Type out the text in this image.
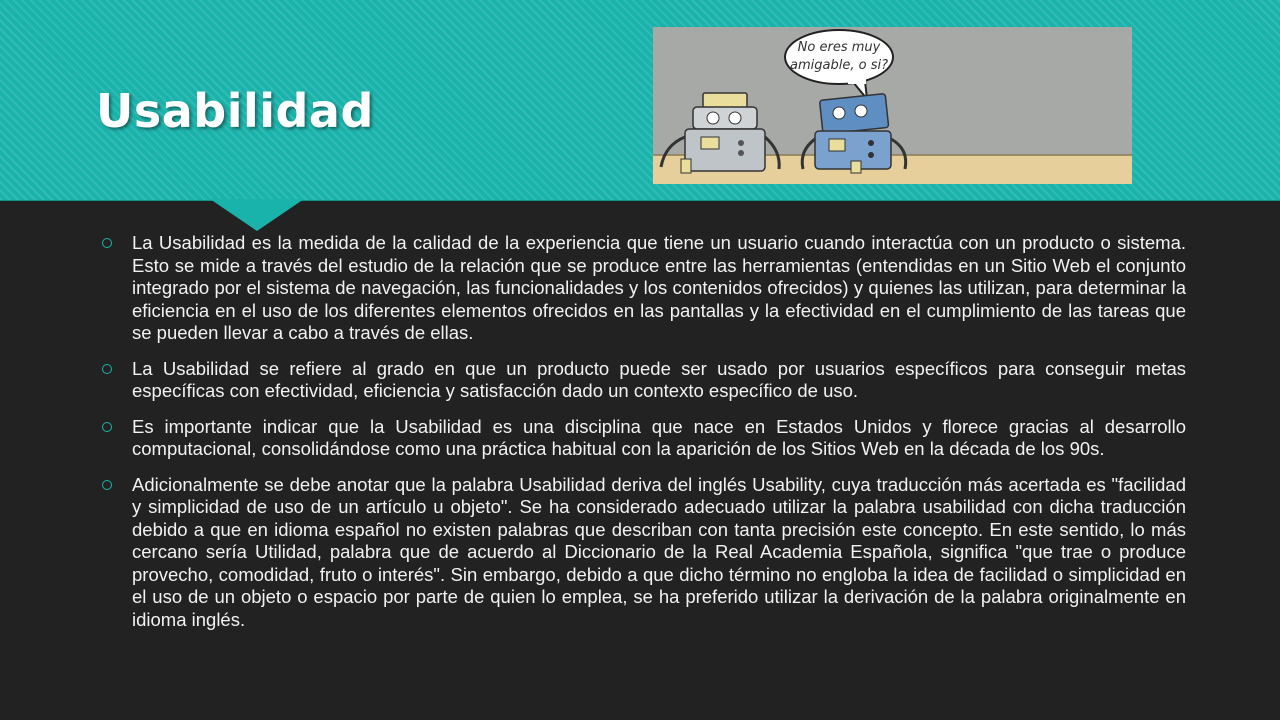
Usabilidad
No eres muy
amigable, o si?

La Usabilidad es la medida de la calidad de la experiencia que tiene un usuario cuando interactúa con un producto o sistema. Esto se mide a través del estudio de la relación que se produce entre las herramientas (entendidas en un Sitio Web el conjunto integrado por el sistema de navegación, las funcionalidades y los contenidos ofrecidos) y quienes las utilizan, para determinar la eficiencia en el uso de los diferentes elementos ofrecidos en las pantallas y la efectividad en el cumplimiento de las tareas que se pueden llevar a cabo a través de ellas.

La Usabilidad se refiere al grado en que un producto puede ser usado por usuarios específicos para conseguir metas específicas con efectividad, eficiencia y satisfacción dado un contexto específico de uso.

Es importante indicar que la Usabilidad es una disciplina que nace en Estados Unidos y florece gracias al desarrollo computacional, consolidándose como una práctica habitual con la aparición de los Sitios Web en la década de los 90s.

Adicionalmente se debe anotar que la palabra Usabilidad deriva del inglés Usability, cuya traducción más acertada es "facilidad y simplicidad de uso de un artículo u objeto". Se ha considerado adecuado utilizar la palabra usabilidad con dicha traducción debido a que en idioma español no existen palabras que describan con tanta precisión este concepto. En este sentido, lo más cercano sería Utilidad, palabra que de acuerdo al Diccionario de la Real Academia Española, significa "que trae o produce provecho, comodidad, fruto o interés". Sin embargo, debido a que dicho término no engloba la idea de facilidad o simplicidad en el uso de un objeto o espacio por parte de quien lo emplea, se ha preferido utilizar la derivación de la palabra originalmente en idioma inglés.
